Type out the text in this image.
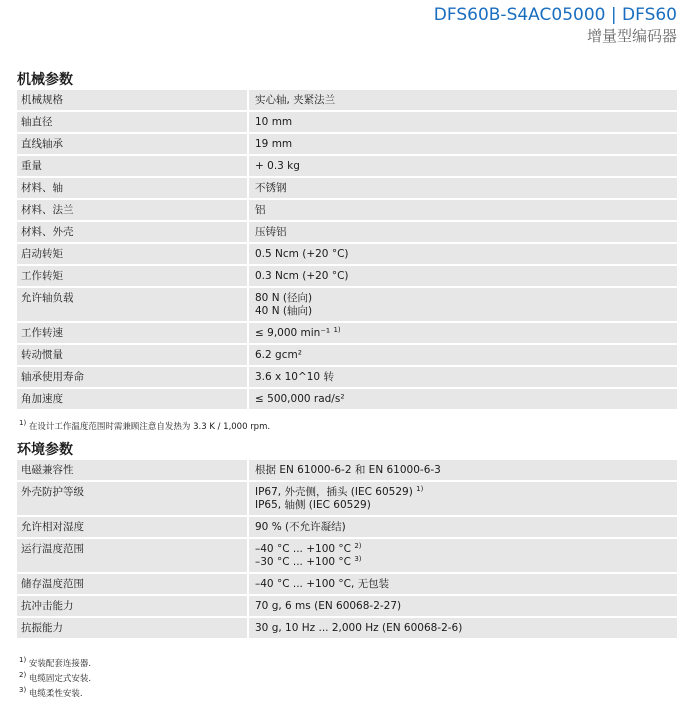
DFS60B-S4AC05000 | DFS60
增量型编码器
机械参数
机械规格	实心轴, 夹紧法兰

轴直径	10 mm

直线轴承	19 mm

重量	+ 0.3 kg

材料、轴	不锈钢

材料、法兰	铝

材料、外壳	压铸铝

启动转矩	0.5 Ncm (+20 °C)

工作转矩	0.3 Ncm (+20 °C)

允许轴负载	80 N (径向)
40 N (轴向)

工作转速	≤ 9,000 min⁻¹ $^{1)}$

转动惯量	6.2 gcm²

轴承使用寿命	3.6 x 10^10 转

角加速度	≤ 500,000 rad/s²
$^{1)}$ 在设计工作温度范围时需兼顾注意自发热为 3.3 K / 1,000 rpm.
环境参数
电磁兼容性	根据 EN 61000-6-2 和 EN 61000-6-3

外壳防护等级	IP67, 外壳侧，插头 (IEC 60529) $^{1)}$
IP65, 轴侧 (IEC 60529)

允许相对湿度	90 % (不允许凝结)

运行温度范围	–40 °C ... +100 °C $^{2)}$
–30 °C ... +100 °C $^{3)}$

储存温度范围	–40 °C ... +100 °C, 无包装

抗冲击能力	70 g, 6 ms (EN 60068-2-27)

抗振能力	30 g, 10 Hz ... 2,000 Hz (EN 60068-2-6)
$^{1)}$ 安装配套连接器.
$^{2)}$ 电缆固定式安装.
$^{3)}$ 电缆柔性安装.
